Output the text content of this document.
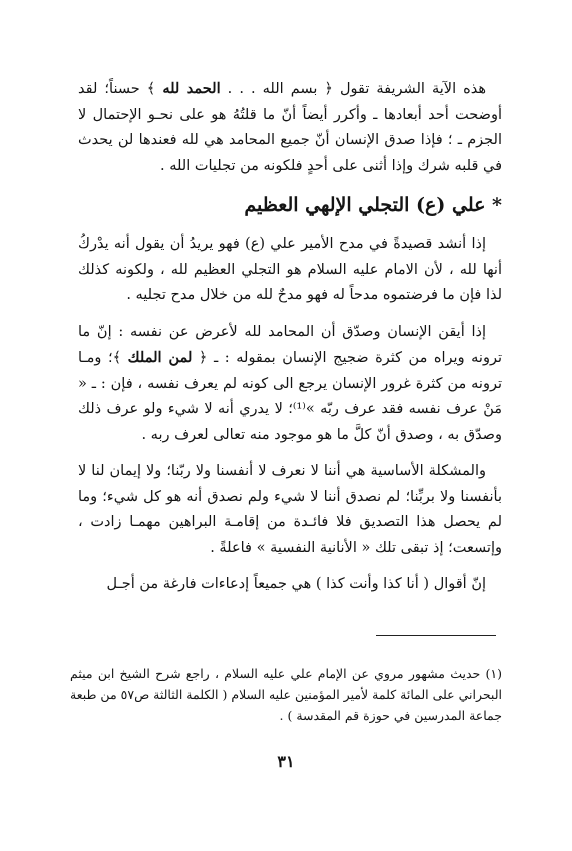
هذه الآية الشريفة تقول ﴿ بسم الله . . . الحمد لله ﴾ حسناً؛ لقد أوضحت أحد أبعادها ـ وأكرر أيضاً أنّ ما قلتُهُ هو على نحـو الإحتمال لا الجزم ـ ؛ فإذا صدق الإنسان أنّ جميع المحامد هي لله فعندها لن يحدث في قلبه شرك وإذا أثنى على أحدٍ فلكونه من تجليات الله .

* علي (ع) التجلي الإلهي العظيم

إذا أنشد قصيدةً في مدح الأمير علي (ع) فهو يريدُ أن يقول أنه يدْركُ أنها لله ، لأن الامام عليه السلام هو التجلي العظيم لله ، ولكونه كذلك لذا فإن ما فرضتموه مدحاً له فهو مدحٌ لله من خلال مدح تجليه .

إذا أيقن الإنسان وصدّق أن المحامد لله لأعرض عن نفسه : إنّ ما ترونه ويراه من كثرة ضجيج الإنسان بمقوله : ـ ﴿ لمن الملك ﴾؛ ومـا ترونه من كثرة غرور الإنسان يرجع الى كونه لم يعرف نفسه ، فإن : ـ « مَنْ عرف نفسه فقد عرف ربّه »⁽¹⁾؛ لا يدري أنه لا شيء ولو عرف ذلك وصدّق به ، وصدق أنّ كلَّ ما هو موجود منه تعالى لعرف ربه .

والمشكلة الأساسية هي أننا لا نعرف لا أنفسنا ولا ربّنا؛ ولا إيمان لنا لا بأنفسنا ولا بربِّنا؛ لم نصدق أننا لا شيء ولم نصدق أنه هو كل شيء؛ وما لم يحصل هذا التصديق فلا فائـدة من إقامـة البراهين مهمـا زادت ، وإتسعت؛ إذ تبقى تلك « الأنانية النفسية » فاعلةً .

إنّ أقوال ( أنا كذا وأنت كذا ) هي جميعاً إدعاءات فارغة من أجـل

(١) حديث مشهور مروي عن الإمام علي عليه السلام ، راجع شرح الشيخ ابن ميثم البحراني على المائة كلمة لأمير المؤمنين عليه السلام ( الكلمة الثالثة ص٥٧ من طبعة جماعة المدرسين في حوزة قم المقدسة ) .

٣١
